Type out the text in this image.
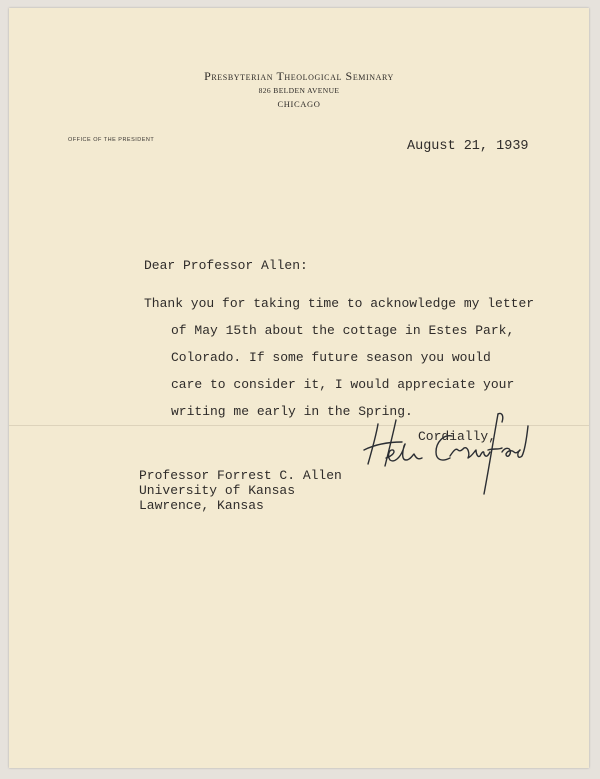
Presbyterian Theological Seminary
826 BELDEN AVENUE
CHICAGO
OFFICE OF THE PRESIDENT	August 21, 1939
Dear Professor Allen:
Thank you for taking time to acknowledge my letter
of May 15th about the cottage in Estes Park,
Colorado. If some future season you would
care to consider it, I would appreciate your
writing me early in the Spring.
Cordially,
Professor Forrest C. Allen
University of Kansas
Lawrence, Kansas
